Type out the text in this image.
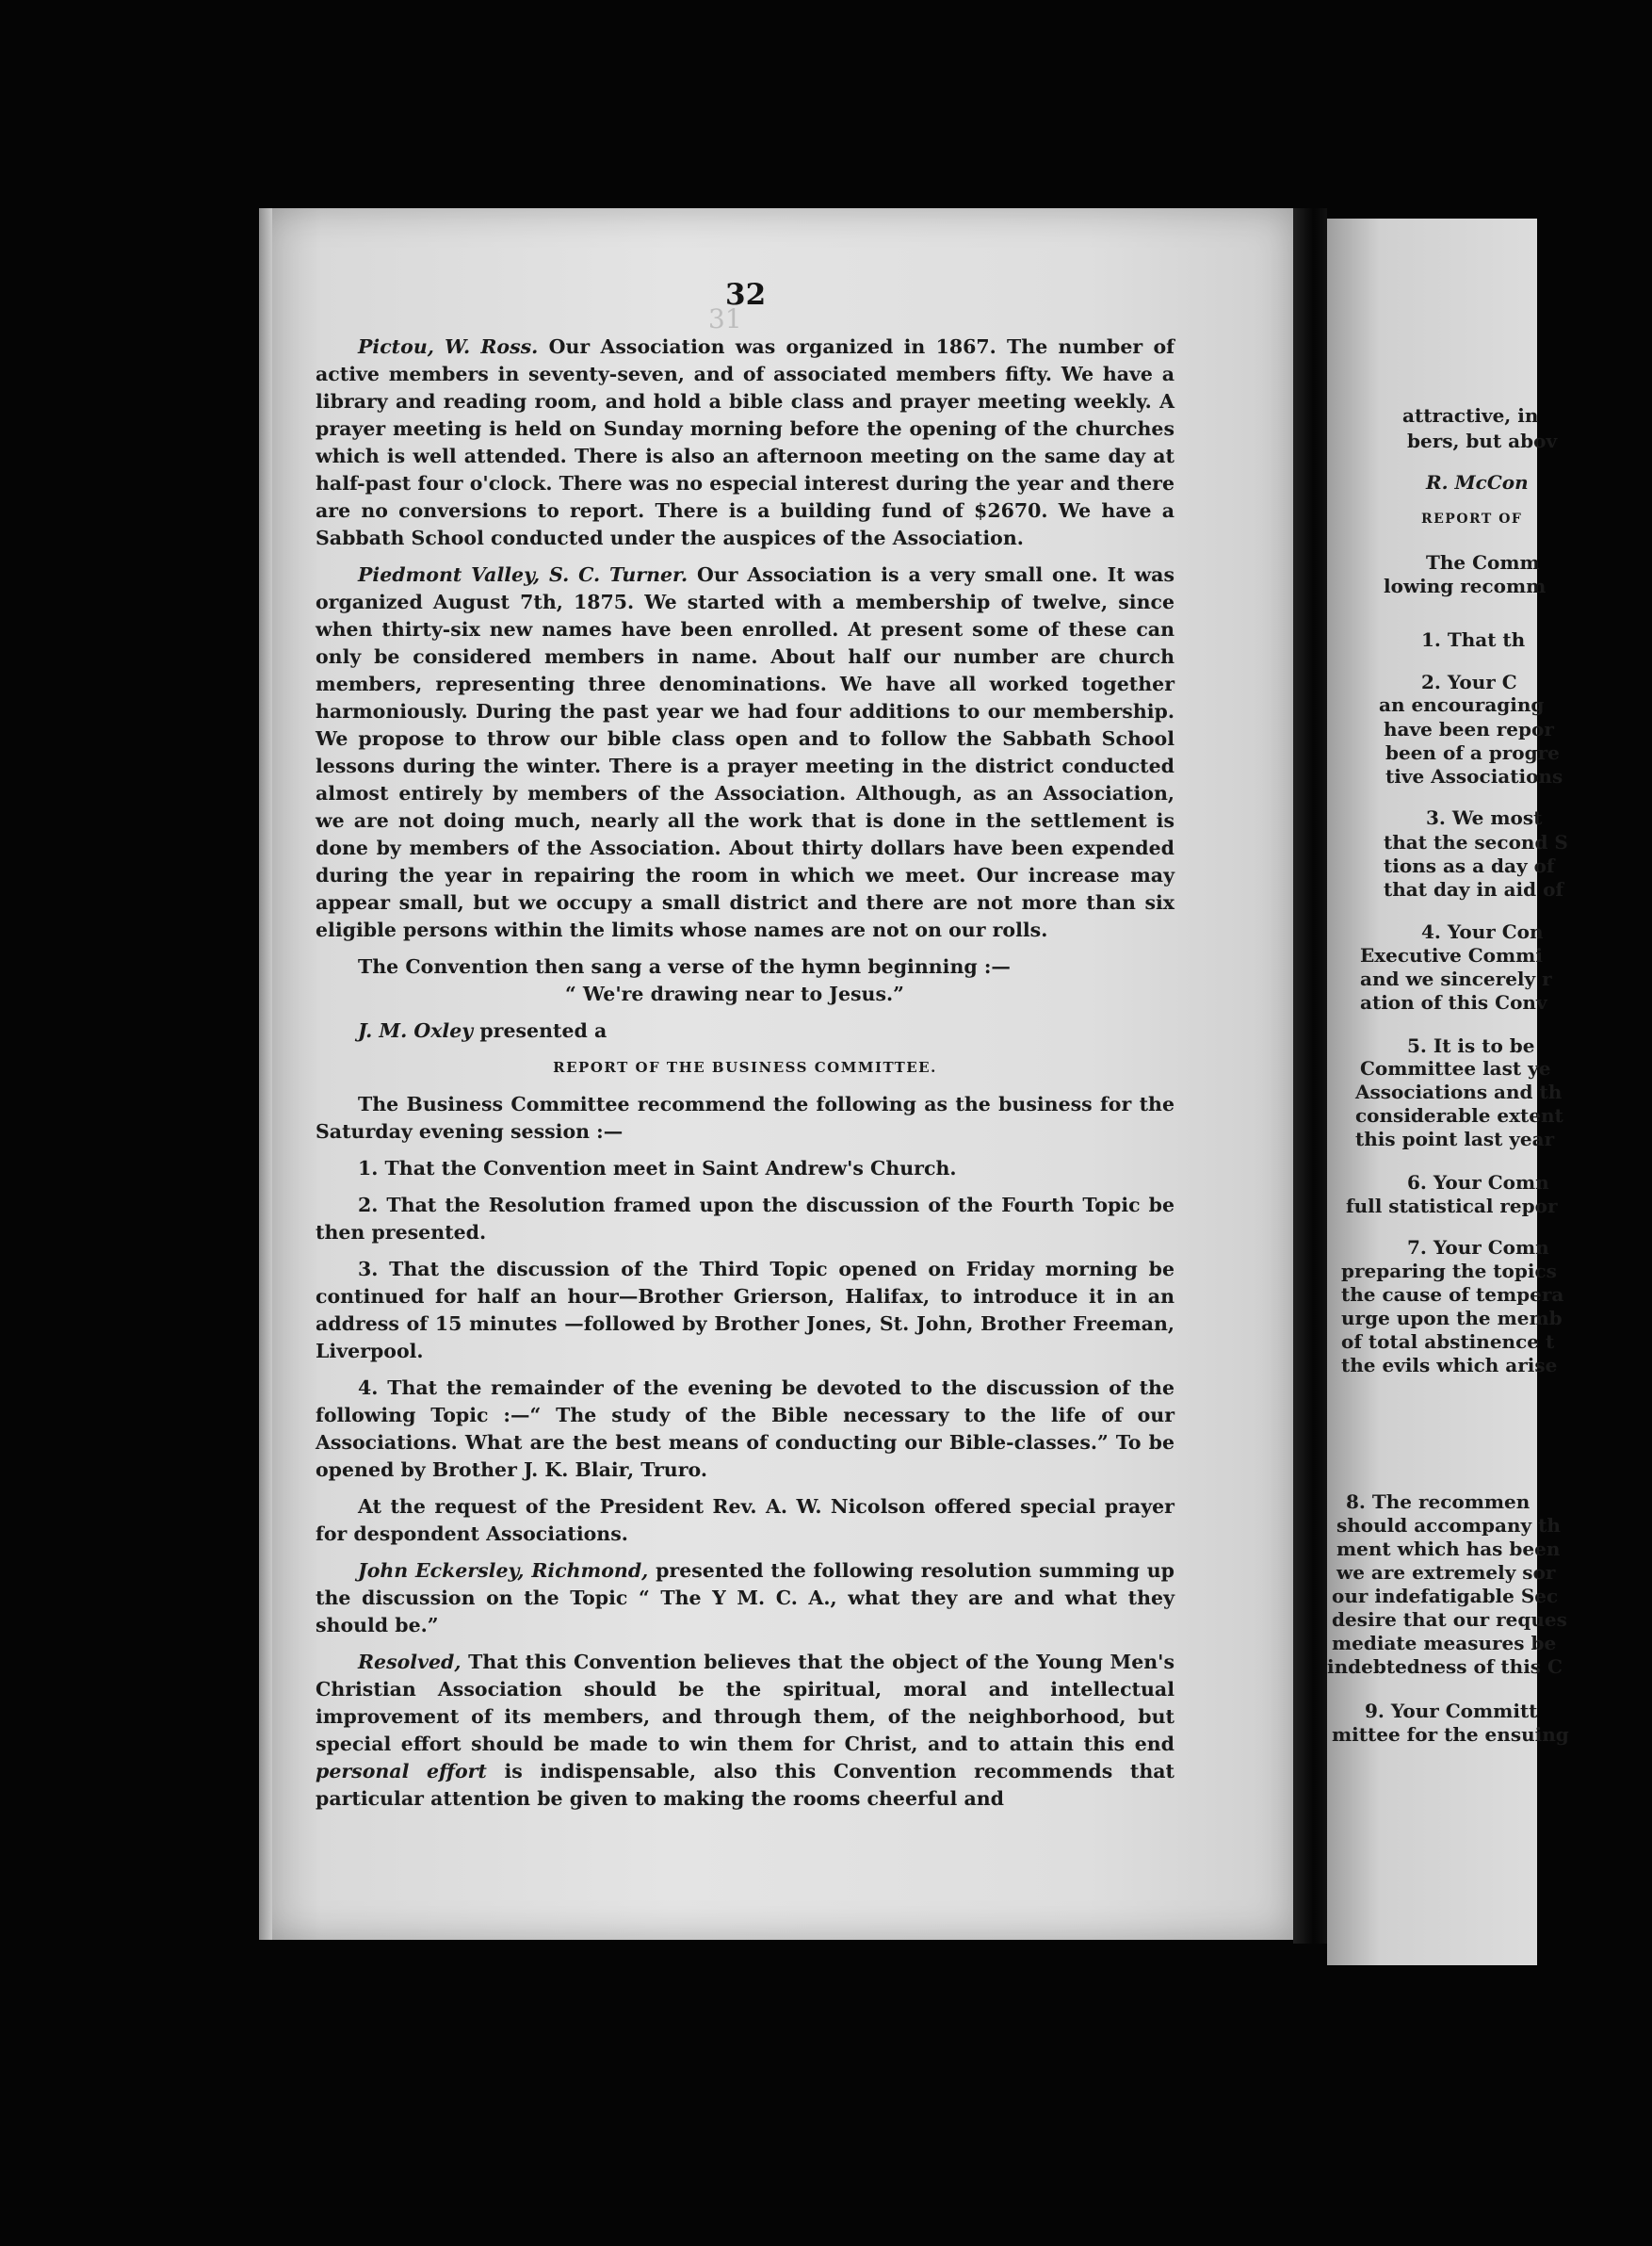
attractive, in
bers, but abov
R. McCon
REPORT OF
The Comm
lowing recomm
1. That th
2. Your C
an encouraging
have been repor
been of a progre
tive Associations
3. We most
that the second S
tions as a day of
that day in aid of
4. Your Con
Executive Commi
and we sincerely r
ation of this Conv
5. It is to be
Committee last ye
Associations and th
considerable extent
this point last year
6. Your Comn
full statistical repor
7. Your Comn
preparing the topics
the cause of tempera
urge upon the memb
of total abstinence t
the evils which arise
8. The recommen
should accompany th
ment which has been
we are extremely sor
our indefatigable Sec
desire that our reques
mediate measures be
indebtedness of this C
9. Your Committ
mittee for the ensuing
32
31

Pictou, W. Ross. Our Association was organized in 1867. The number of active members in seventy-seven, and of associated members fifty. We have a library and reading room, and hold a bible class and prayer meeting weekly. A prayer meeting is held on Sunday morning before the opening of the churches which is well attended. There is also an afternoon meeting on the same day at half-past four o'clock. There was no especial interest during the year and there are no conversions to report. There is a building fund of $2670. We have a Sabbath School conducted under the auspices of the Association.

Piedmont Valley, S. C. Turner. Our Association is a very small one. It was organized August 7th, 1875. We started with a membership of twelve, since when thirty-six new names have been enrolled. At present some of these can only be considered members in name. About half our number are church members, representing three denominations. We have all worked together harmoniously. During the past year we had four additions to our membership. We propose to throw our bible class open and to follow the Sabbath School lessons during the winter. There is a prayer meeting in the district conducted almost entirely by members of the Association. Although, as an Association, we are not doing much, nearly all the work that is done in the settlement is done by members of the Association. About thirty dollars have been expended during the year in repairing the room in which we meet. Our increase may appear small, but we occupy a small district and there are not more than six eligible persons within the limits whose names are not on our rolls.

The Convention then sang a verse of the hymn beginning :—

“ We're drawing near to Jesus.”

J. M. Oxley presented a

REPORT OF THE BUSINESS COMMITTEE.

The Business Committee recommend the following as the business for the Saturday evening session :—

1. That the Convention meet in Saint Andrew's Church.

2. That the Resolution framed upon the discussion of the Fourth Topic be then presented.

3. That the discussion of the Third Topic opened on Friday morning be continued for half an hour—Brother Grierson, Halifax, to introduce it in an address of 15 minutes —followed by Brother Jones, St. John, Brother Freeman, Liverpool.

4. That the remainder of the evening be devoted to the discussion of the following Topic :—“ The study of the Bible necessary to the life of our Associations. What are the best means of conducting our Bible-classes.” To be opened by Brother J. K. Blair, Truro.

At the request of the President Rev. A. W. Nicolson offered special prayer for despondent Associations.

John Eckersley, Richmond, presented the following resolution summing up the discussion on the Topic “ The Y M. C. A., what they are and what they should be.”

Resolved, That this Convention believes that the object of the Young Men's Christian Association should be the spiritual, moral and intellectual improvement of its members, and through them, of the neighborhood, but special effort should be made to win them for Christ, and to attain this end personal effort is indispensable, also this Convention recommends that particular attention be given to making the rooms cheerful and
